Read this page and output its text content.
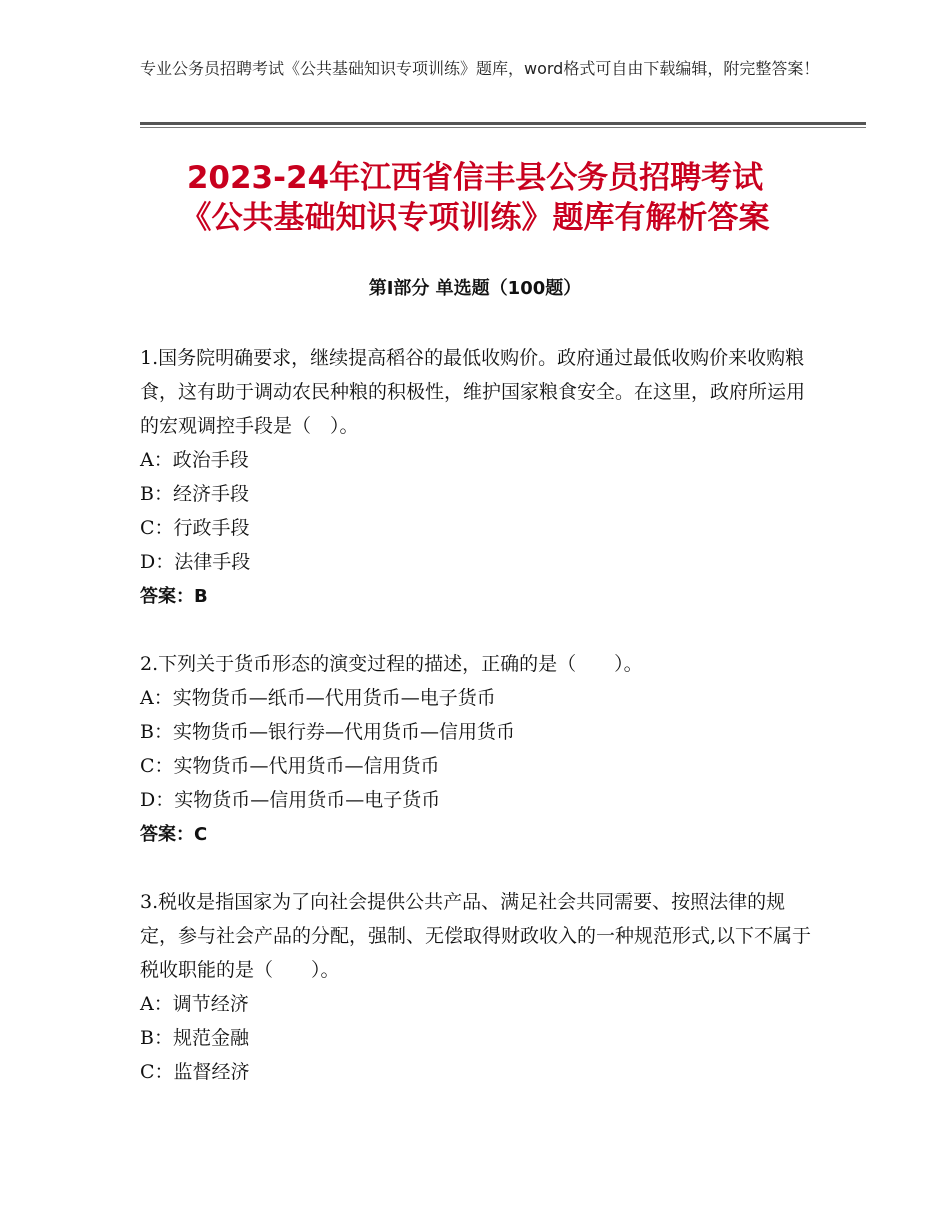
专业公务员招聘考试《公共基础知识专项训练》题库，word格式可自由下载编辑，附完整答案！
2023-24年江西省信丰县公务员招聘考试
《公共基础知识专项训练》题库有解析答案
第Ⅰ部分 单选题（100题）

1.国务院明确要求，继续提高稻谷的最低收购价。政府通过最低收购价来收购粮食，这有助于调动农民种粮的积极性，维护国家粮食安全。在这里，政府所运用的宏观调控手段是（　）。

A：政治手段

B：经济手段

C：行政手段

D：法律手段

答案：B

2.下列关于货币形态的演变过程的描述，正确的是（　　）。

A：实物货币—纸币—代用货币—电子货币

B：实物货币—银行券—代用货币—信用货币

C：实物货币—代用货币—信用货币

D：实物货币—信用货币—电子货币

答案：C

3.税收是指国家为了向社会提供公共产品、满足社会共同需要、按照法律的规定，参与社会产品的分配，强制、无偿取得财政收入的一种规范形式,以下不属于税收职能的是（　　）。

A：调节经济

B：规范金融

C：监督经济
